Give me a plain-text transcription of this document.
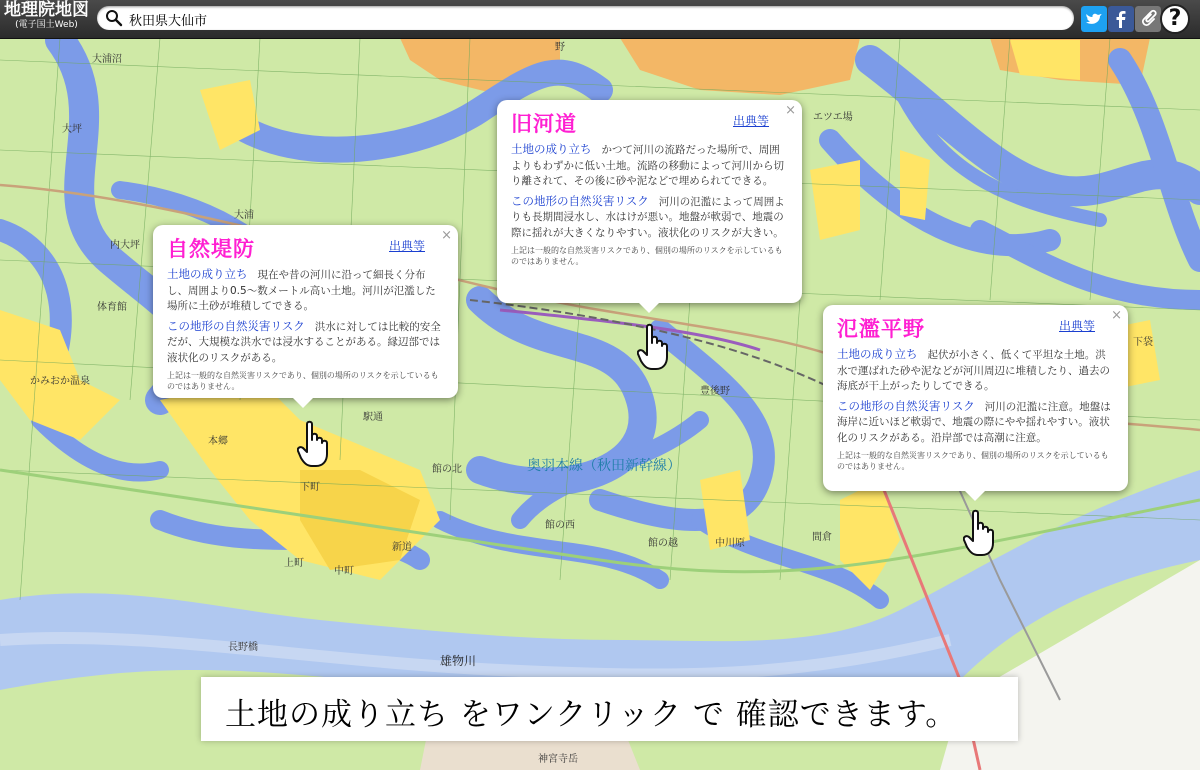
大浦沼
大坪
大浦
内大坪
体育館
かみおか温泉
本郷
駅通
下町
上町
新道
中町
館の北
館の西
館の越	中川原
豊後野
間倉
下袋
野
エツエ場
神宮寺岳
長野橋
奥羽本線（秋田新幹線）
雄物川
地理院地図
(電子国土Web)
秋田県大仙市	?
自然堤防	出典等
×

土地の成り立ち 現在や昔の河川に沿って細長く分布し、周囲より0.5〜数メートル高い土地。河川が氾濫した場所に土砂が堆積してできる。

この地形の自然災害リスク 洪水に対しては比較的安全だが、大規模な洪水では浸水することがある。縁辺部では液状化のリスクがある。

上記は一般的な自然災害リスクであり、個別の場所のリスクを示しているものではありません。
旧河道	出典等
×

土地の成り立ち かつて河川の流路だった場所で、周囲よりもわずかに低い土地。流路の移動によって河川から切り離されて、その後に砂や泥などで埋められてできる。

この地形の自然災害リスク 河川の氾濫によって周囲よりも長期間浸水し、水はけが悪い。地盤が軟弱で、地震の際に揺れが大きくなりやすい。液状化のリスクが大きい。

上記は一般的な自然災害リスクであり、個別の場所のリスクを示しているものではありません。
氾濫平野	出典等
×

土地の成り立ち 起伏が小さく、低くて平坦な土地。洪水で運ばれた砂や泥などが河川周辺に堆積したり、過去の海底が干上がったりしてできる。

この地形の自然災害リスク 河川の氾濫に注意。地盤は海岸に近いほど軟弱で、地震の際にやや揺れやすい。液状化のリスクがある。沿岸部では高潮に注意。

上記は一般的な自然災害リスクであり、個別の場所のリスクを示しているものではありません。
土地の成り立ち をワンクリック で 確認できます。
